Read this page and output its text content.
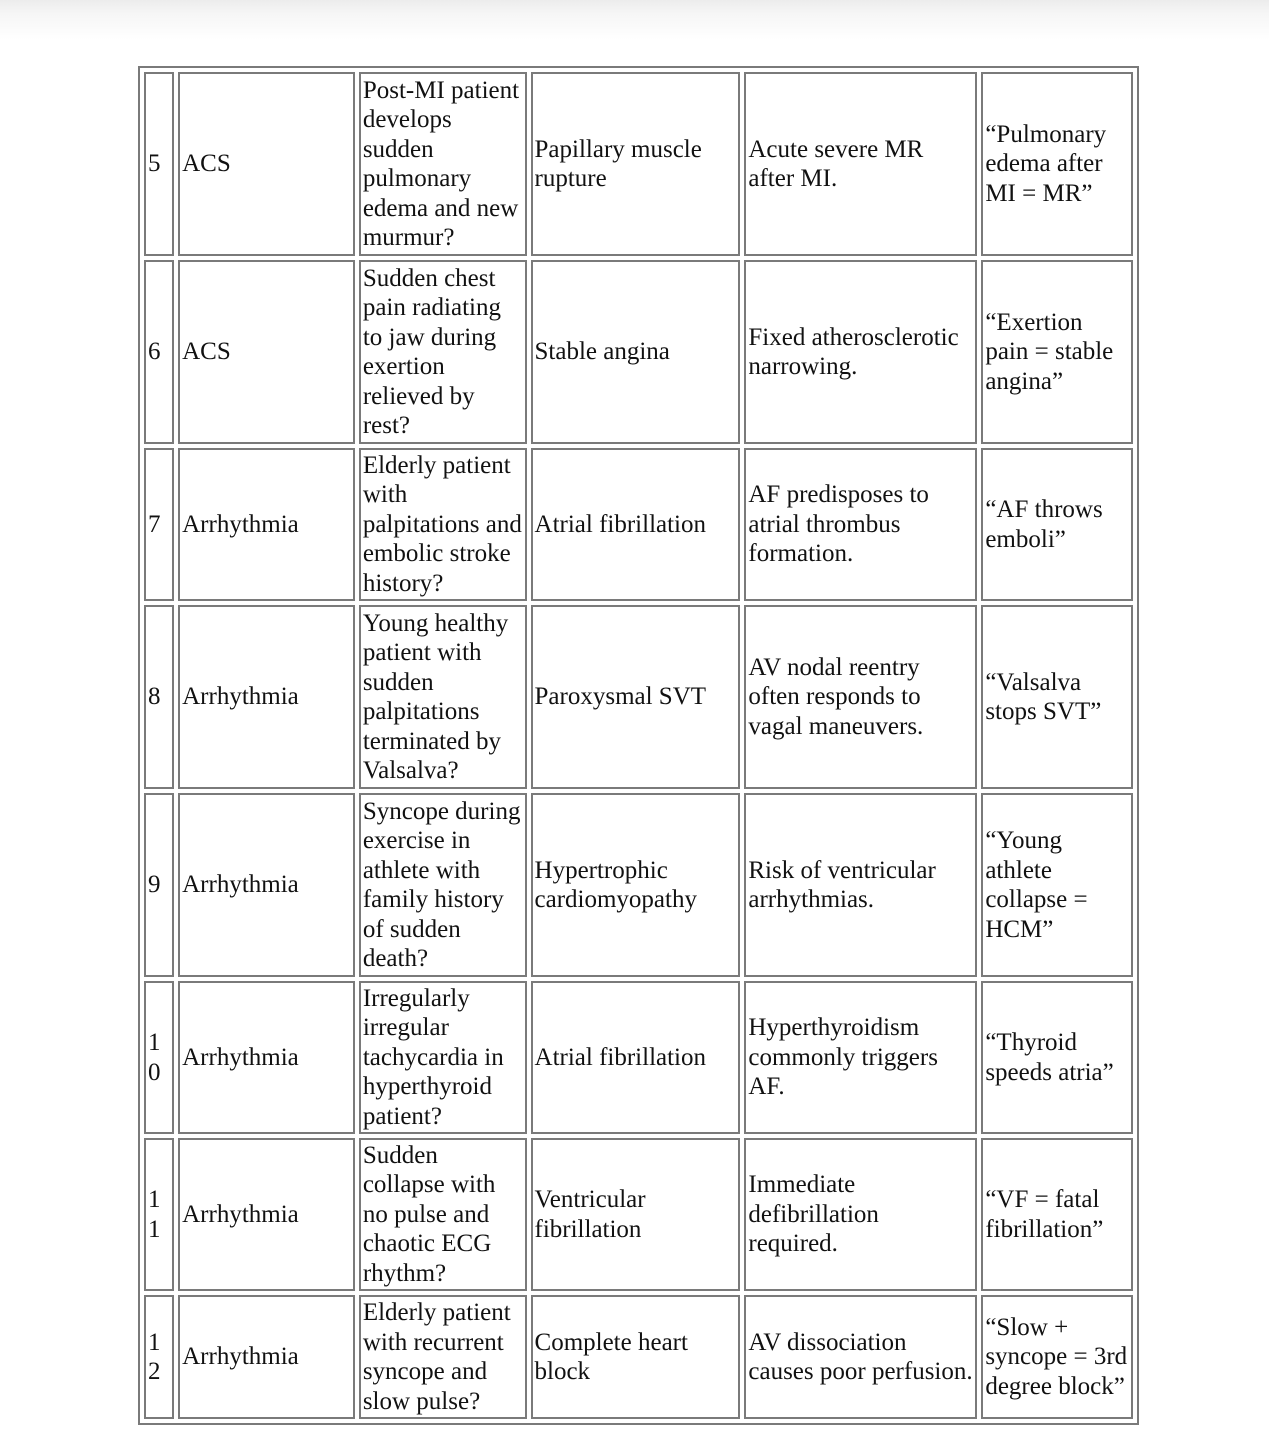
5	ACS	Post-MI patient develops sudden pulmonary edema and new murmur?	Papillary muscle rupture	Acute severe MR after MI.	“Pulmonary edema after MI = MR”
6	ACS	Sudden chest pain radiating to jaw during exertion relieved by rest?	Stable angina	Fixed atherosclerotic narrowing.	“Exertion pain = stable angina”
7	Arrhythmia	Elderly patient with palpitations and embolic stroke history?	Atrial fibrillation	AF predisposes to atrial thrombus formation.	“AF throws emboli”
8	Arrhythmia	Young healthy patient with sudden palpitations terminated by Valsalva?	Paroxysmal SVT	AV nodal reentry often responds to vagal maneuvers.	“Valsalva stops SVT”
9	Arrhythmia	Syncope during exercise in athlete with family history of sudden death?	Hypertrophic cardiomyopathy	Risk of ventricular arrhythmias.	“Young athlete collapse = HCM”
10	Arrhythmia	Irregularly irregular tachycardia in hyperthyroid patient?	Atrial fibrillation	Hyperthyroidism commonly triggers AF.	“Thyroid speeds atria”
11	Arrhythmia	Sudden collapse with no pulse and chaotic ECG rhythm?	Ventricular fibrillation	Immediate defibrillation required.	“VF = fatal fibrillation”
12	Arrhythmia	Elderly patient with recurrent syncope and slow pulse?	Complete heart block	AV dissociation causes poor perfusion.	“Slow + syncope = 3rd degree block”
